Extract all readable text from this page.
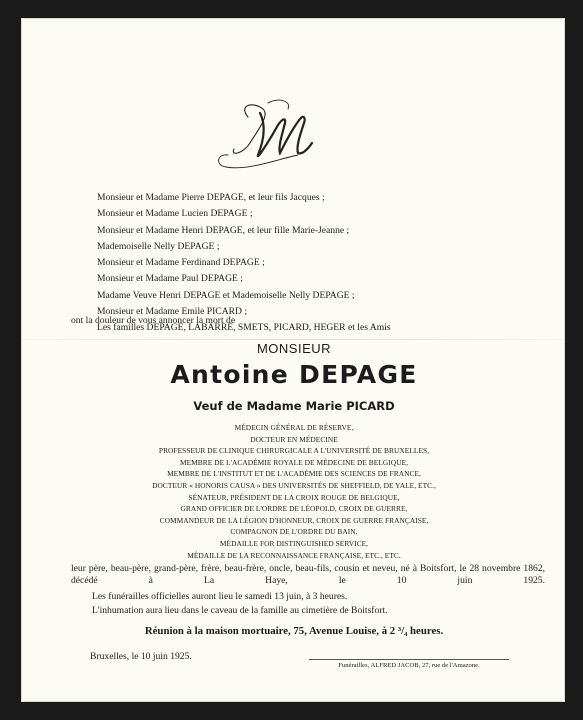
Monsieur et Madame Pierre DEPAGE, et leur fils Jacques ;
Monsieur et Madame Lucien DEPAGE ;
Monsieur et Madame Henri DEPAGE, et leur fille Marie-Jeanne ;
Mademoiselle Nelly DEPAGE ;
Monsieur et Madame Ferdinand DEPAGE ;
Monsieur et Madame Paul DEPAGE ;
Madame Veuve Henri DEPAGE et Mademoiselle Nelly DEPAGE ;
Monsieur et Madame Emile PICARD ;
Les familles DEPAGE, LABARRE, SMETS, PICARD, HEGER et les Amis
ont la douleur de vous annoncer la mort de
MONSIEUR
Antoine DEPAGE
Veuf de Madame Marie PICARD
MÉDECIN GÉNÉRAL DE RÉSERVE,
DOCTEUR EN MÉDECINE
PROFESSEUR DE CLINIQUE CHIRURGICALE A L'UNIVERSITÉ DE BRUXELLES,
MEMBRE DE L'ACADÉMIE ROYALE DE MÉDECINE DE BELGIQUE,
MEMBRE DE L'INSTITUT ET DE L'ACADÉMIE DES SCIENCES DE FRANCE,
DOCTEUR « HONORIS CAUSA » DES UNIVERSITÉS DE SHEFFIELD, DE YALE, ETC.,
SÉNATEUR, PRÉSIDENT DE LA CROIX ROUGE DE BELGIQUE,
GRAND OFFICIER DE L'ORDRE DE LÉOPOLD, CROIX DE GUERRE,
COMMANDEUR DE LA LÉGION D'HONNEUR, CROIX DE GUERRE FRANÇAISE,
COMPAGNON DE L'ORDRE DU BAIN,
MÉDAILLE FOR DISTINGUISHED SERVICE,
MÉDAILLE DE LA RECONNAISSANCE FRANÇAISE, ETC., ETC.
leur père, beau-père, grand-père, frère, beau-frère, oncle, beau-fils, cousin et neveu, né à Boitsfort, le 28 novembre 1862, décédé à La Haye, le 10 juin 1925.
Les funérailles officielles auront lieu le samedi 13 juin, à 3 heures.
L'inhumation aura lieu dans le caveau de la famille au cimetière de Boitsfort.
Réunion à la maison mortuaire, 75, Avenue Louise, à 2 ³/₄ heures.
Bruxelles, le 10 juin 1925.
Funérailles, ALFRED JACOB, 27, rue de l'Amazone.
